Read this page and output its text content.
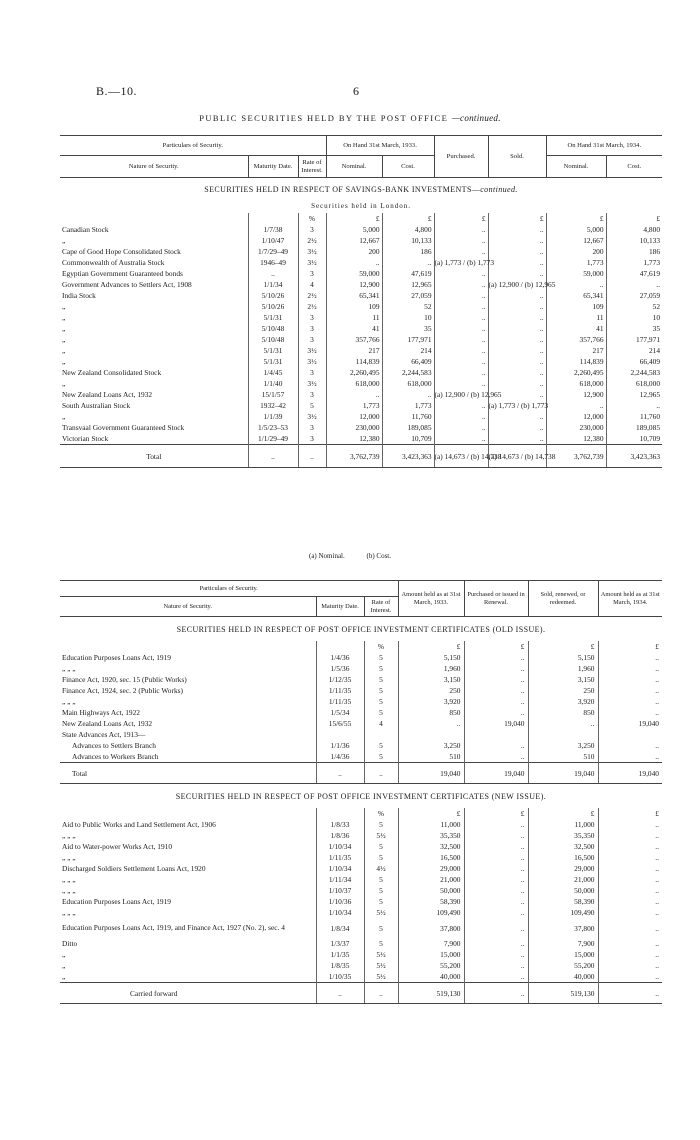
B.—10.	6
PUBLIC SECURITIES HELD BY THE POST OFFICE —continued.
Particulars of Security.			On Hand 31st March, 1933.		Purchased.	Sold.	On Hand 31st March, 1934.	
Nature of Security.	Maturity Date.	Rate of Interest.	Nominal.	Cost.			Nominal.	Cost.
SECURITIES HELD IN RESPECT OF SAVINGS-BANK INVESTMENTS—continued.								
Securities held in London.								
		%	£	£	£	£	£	£
Canadian Stock	1/7/38	3	5,000	4,800	..	..	5,000	4,800
„	1/10/47	2½	12,667	10,133	..	..	12,667	10,133
Cape of Good Hope Consolidated Stock	1/7/29–49	3½	200	186	..	..	200	186
Commonwealth of Australia Stock	1946–49	3½	..	..	(a) 1,773 / (b) 1,773	..	1,773	1,773
Egyptian Government Guaranteed bonds	..	3	59,000	47,619	..	..	59,000	47,619
Government Advances to Settlers Act, 1908	1/1/34	4	12,900	12,965	..	(a) 12,900 / (b) 12,965	..	..
India Stock	5/10/26	2½	65,341	27,059	..	..	65,341	27,059
„	5/10/26	2½	109	52	..	..	109	52
„	5/1/31	3	11	10	..	..	11	10
„	5/10/48	3	41	35	..	..	41	35
„	5/10/48	3	357,766	177,971	..	..	357,766	177,971
„	5/1/31	3½	217	214	..	..	217	214
„	5/1/31	3½	114,839	66,409	..	..	114,839	66,409
New Zealand Consolidated Stock	1/4/45	3	2,260,495	2,244,583	..	..	2,260,495	2,244,583
„	1/1/40	3½	618,000	618,000	..	..	618,000	618,000
New Zealand Loans Act, 1932	15/1/57	3	..	..	(a) 12,900 / (b) 12,965	..	12,900	12,965
South Australian Stock	1932–42	5	1,773	1,773	..	(a) 1,773 / (b) 1,773	..	..
„	1/1/39	3½	12,000	11,760	..	..	12,000	11,760
Transvaal Government Guaranteed Stock	1/5/23–53	3	230,000	189,085	..	..	230,000	189,085
Victorian Stock	1/1/29–49	3	12,380	10,709	..	..	12,380	10,709
Total	..	..	3,762,739	3,423,363	(a) 14,673 / (b) 14,738	(a) 14,673 / (b) 14,738	3,762,739	3,423,363
(a) Nominal.	(b) Cost.
Particulars of Security.			Amount held as at 31st March, 1933.	Purchased or issued in Renewal.	Sold, renewed, or redeemed.	Amount held as at 31st March, 1934.
Nature of Security.	Maturity Date.	Rate of Interest.				
SECURITIES HELD IN RESPECT OF POST OFFICE INVESTMENT CERTIFICATES (OLD ISSUE).						
		%	£	£	£	£
Education Purposes Loans Act, 1919	1/4/36	5	5,150	..	5,150	..
„ „ „	1/5/36	5	1,960	..	1,960	..
Finance Act, 1920, sec. 15 (Public Works)	1/12/35	5	3,150	..	3,150	..
Finance Act, 1924, sec. 2 (Public Works)	1/11/35	5	250	..	250	..
„ „ „	1/11/35	5	3,920	..	3,920	..
Main Highways Act, 1922	1/5/34	5	850	..	850	..
New Zealand Loans Act, 1932	15/6/55	4	..	19,040	..	19,040
State Advances Act, 1913—						
Advances to Settlers Branch	1/1/36	5	3,250	..	3,250	..
Advances to Workers Branch	1/4/36	5	510	..	510	..
Total	..	..	19,040	19,040	19,040	19,040
SECURITIES HELD IN RESPECT OF POST OFFICE INVESTMENT CERTIFICATES (NEW ISSUE).						
		%	£	£	£	£
Aid to Public Works and Land Settlement Act, 1906	1/8/33	5	11,000	..	11,000	..
„ „ „	1/8/36	5½	35,350	..	35,350	..
Aid to Water-power Works Act, 1910	1/10/34	5	32,500	..	32,500	..
„ „ „	1/11/35	5	16,500	..	16,500	..
Discharged Soldiers Settlement Loans Act, 1920	1/10/34	4½	29,000	..	29,000	..
„ „ „	1/11/34	5	21,000	..	21,000	..
„ „ „	1/10/37	5	50,000	..	50,000	..
Education Purposes Loans Act, 1919	1/10/36	5	58,390	..	58,390	..
„ „ „	1/10/34	5½	109,490	..	109,490	..
Education Purposes Loans Act, 1919, and Finance Act, 1927 (No. 2), sec. 4	1/8/34	5	37,800	..	37,800	..
Ditto	1/3/37	5	7,900	..	7,900	..
„	1/1/35	5½	15,000	..	15,000	..
„	1/8/35	5½	55,200	..	55,200	..
„	1/10/35	5½	40,000	..	40,000	..
Carried forward	..	..	519,130	..	519,130	..
